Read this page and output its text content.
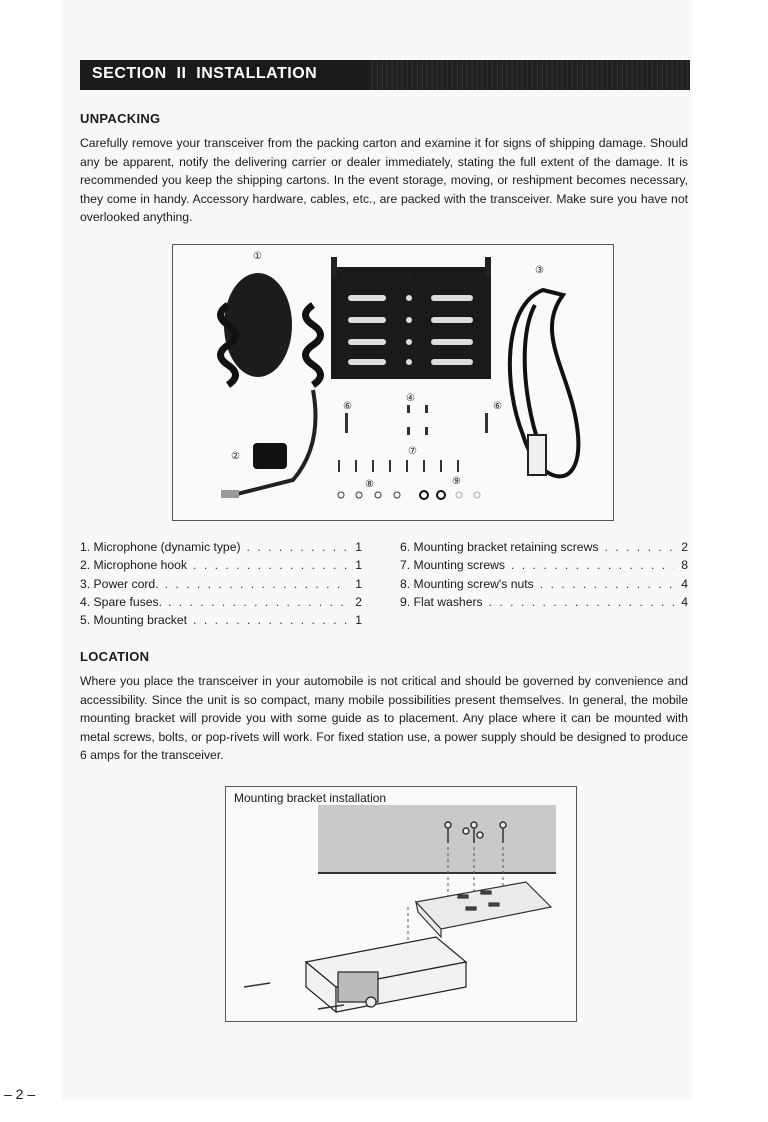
SECTION  II  INSTALLATION
UNPACKING
Carefully remove your transceiver from the packing carton and examine it for signs of shipping damage. Should any be apparent, notify the delivering carrier or dealer immediately, stating the full extent of the damage. It is recommended you keep the shipping cartons. In the event storage, moving, or reshipment becomes necessary, they come in handy. Accessory hardware, cables, etc., are packed with the transceiver. Make sure you have not overlooked anything.
①
②
③
④
⑤
⑥	⑥
⑦
⑧	⑨
1. Microphone (dynamic type) . . .	1
2. Microphone hook . . .	1
3. Power cord. . . .	1
4. Spare fuses. . . .	2
5. Mounting bracket . . .	1
6. Mounting bracket retaining screws . . .	2
7. Mounting screws . . .	8
8. Mounting screw's nuts . . .	4
9. Flat washers . . .	4
LOCATION
Where you place the transceiver in your automobile is not critical and should be governed by convenience and accessibility. Since the unit is so compact, many mobile possibilities present themselves. In general, the mobile mounting bracket will provide you with some guide as to placement. Any place where it can be mounted with metal screws, bolts, or pop-rivets will work. For fixed station use, a power supply should be designed to produce 6 amps for the transceiver.
Mounting bracket installation
– 2 –
